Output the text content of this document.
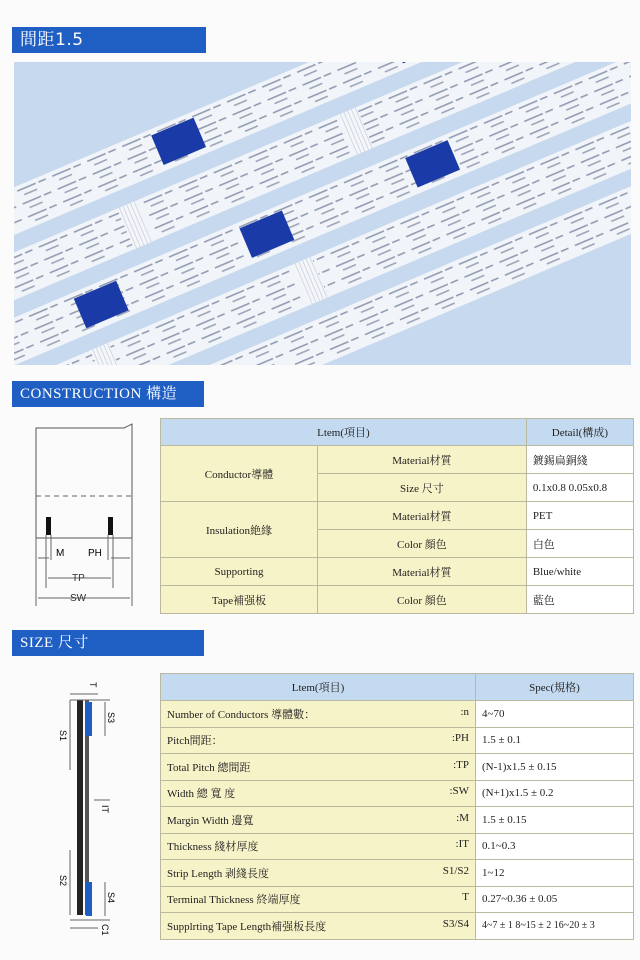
間距1.5
CONSTRUCTION 構造
M PH
TP
SW
Ltem(項目)		Detail(構成)
Conductor導體	Material材質	鍍錫扁銅綫
	Size 尺寸	0.1x0.8 0.05x0.8
Insulation絶緣	Material材質	PET
	Color 顔色	白色
Supporting	Material材質	Blue/white
Tape補强板	Color 顔色	藍色
SIZE 尺寸
T
S3
S1
IT
S2
S4
C1
Ltem(項目)	Spec(規格)
Number of Conductors 導體數： :n	4~70
Pitch間距： :PH	1.5 ± 0.1
Total Pitch 總間距 :TP	(N-1)x1.5 ± 0.15
Width 總 寬 度 :SW	(N+1)x1.5 ± 0.2
Margin Width 邊寬 :M	1.5 ± 0.15
Thickness 綫材厚度 :IT	0.1~0.3
Strip Length 剥綫長度 S1/S2	1~12
Terminal Thickness 終端厚度 T	0.27~0.36 ± 0.05
Supplrting Tape Length補强板長度 S3/S4	4~7 ± 1 8~15 ± 2 16~20 ± 3
